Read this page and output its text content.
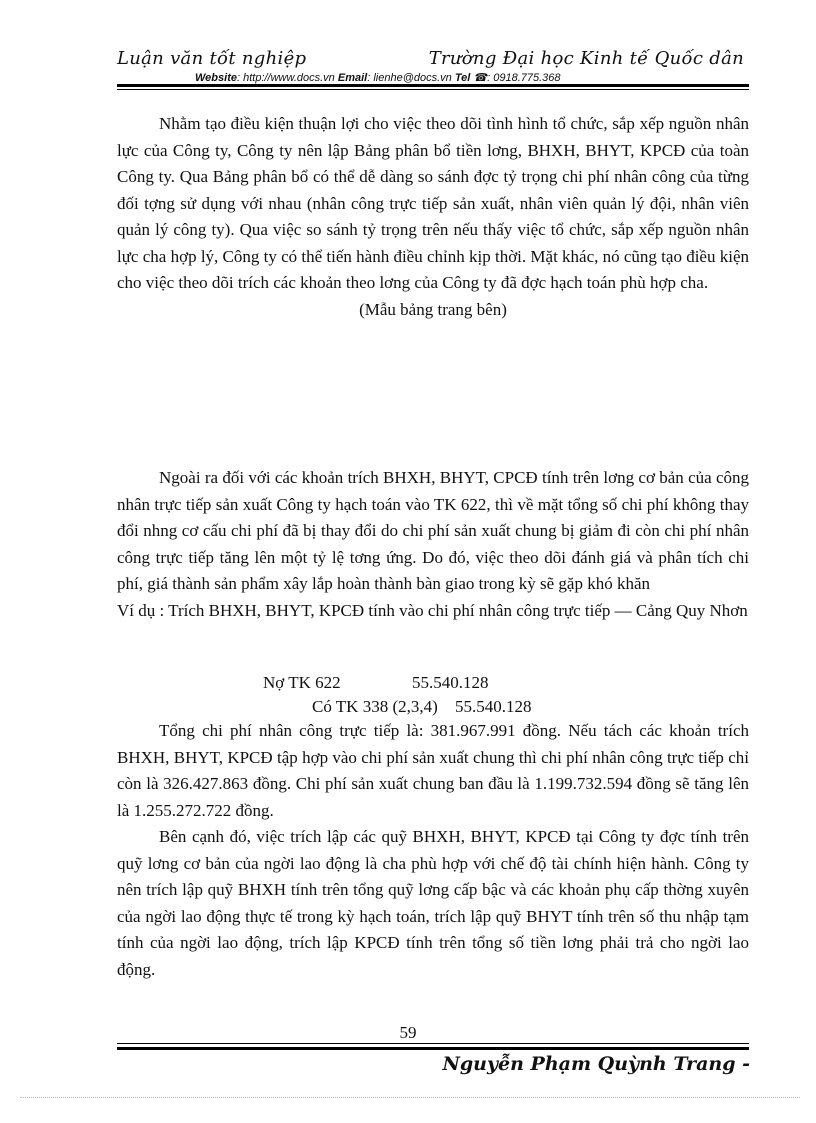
Luận văn tốt nghiệp	Trường Đại học Kinh tế Quốc dân
Website: http://www.docs.vn Email: lienhe@docs.vn Tel ☎: 0918.775.368

Nhằm tạo điều kiện thuận lợi cho việc theo dõi tình hình tổ chức, sắp xếp nguồn nhân lực của Công ty, Công ty nên lập Bảng phân bổ tiền lơng, BHXH, BHYT, KPCĐ của toàn Công ty. Qua Bảng phân bổ có thể dễ dàng so sánh đợc tỷ trọng chi phí nhân công của từng đối tợng sử dụng với nhau (nhân công trực tiếp sản xuất, nhân viên quản lý đội, nhân viên quản lý công ty). Qua việc so sánh tỷ trọng trên nếu thấy việc tổ chức, sắp xếp nguồn nhân lực cha hợp lý, Công ty có thể tiến hành điều chỉnh kịp thời. Mặt khác, nó cũng tạo điều kiện cho việc theo dõi trích các khoản theo lơng của Công ty đã đợc hạch toán phù hợp cha.

(Mẫu bảng trang bên)

Ngoài ra đối với các khoản trích BHXH, BHYT, CPCĐ tính trên lơng cơ bản của công nhân trực tiếp sản xuất Công ty hạch toán vào TK 622, thì về mặt tổng số chi phí không thay đổi nhng cơ cấu chi phí đã bị thay đổi do chi phí sản xuất chung bị giảm đi còn chi phí nhân công trực tiếp tăng lên một tỷ lệ tơng ứng. Do đó, việc theo dõi đánh giá và phân tích chi phí, giá thành sản phẩm xây lắp hoàn thành bàn giao trong kỳ sẽ gặp khó khăn

Ví dụ : Trích BHXH, BHYT, KPCĐ tính vào chi phí nhân công trực tiếp — Cảng Quy Nhơn

Nợ TK 622	55.540.128
Có TK 338 (2,3,4) 55.540.128

Tổng chi phí nhân công trực tiếp là: 381.967.991 đồng. Nếu tách các khoản trích BHXH, BHYT, KPCĐ tập hợp vào chi phí sản xuất chung thì chi phí nhân công trực tiếp chỉ còn là 326.427.863 đồng. Chi phí sản xuất chung ban đầu là 1.199.732.594 đồng sẽ tăng lên là 1.255.272.722 đồng.

Bên cạnh đó, việc trích lập các quỹ BHXH, BHYT, KPCĐ tại Công ty đợc tính trên quỹ lơng cơ bản của ngời lao động là cha phù hợp với chế độ tài chính hiện hành. Công ty nên trích lập quỹ BHXH tính trên tổng quỹ lơng cấp bậc và các khoản phụ cấp thờng xuyên của ngời lao động thực tế trong kỳ hạch toán, trích lập quỹ BHYT tính trên số thu nhập tạm tính của ngời lao động, trích lập KPCĐ tính trên tổng số tiền lơng phải trả cho ngời lao động.

59
Nguyễn Phạm Quỳnh Trang -
